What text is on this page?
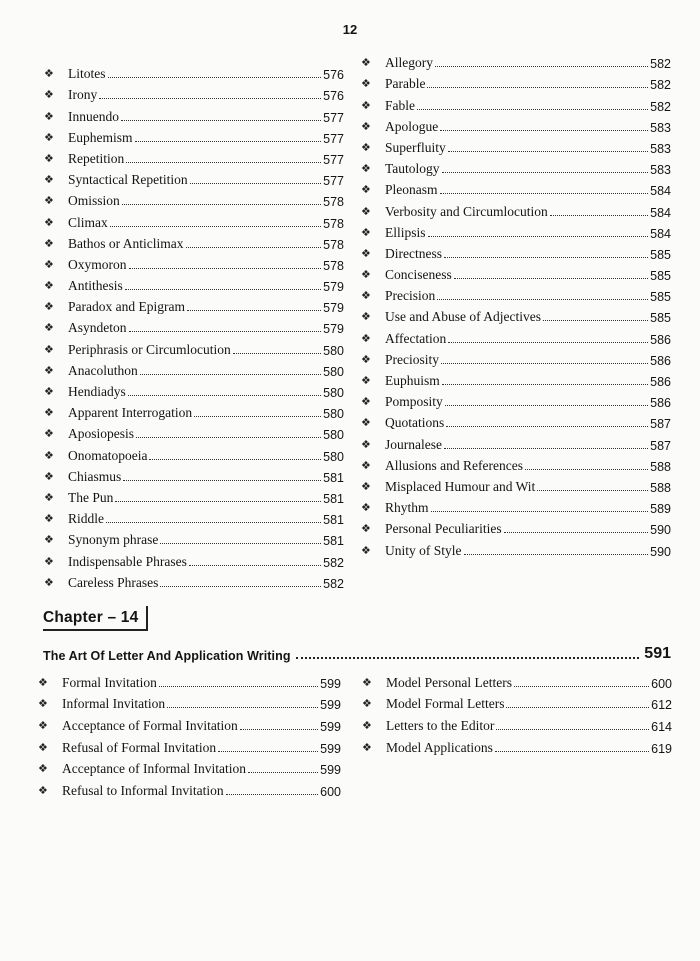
12
❖	Litotes	576
❖	Irony	576
❖	Innuendo	577
❖	Euphemism	577
❖	Repetition	577
❖	Syntactical Repetition	577
❖	Omission	578
❖	Climax	578
❖	Bathos or Anticlimax	578
❖	Oxymoron	578
❖	Antithesis	579
❖	Paradox and Epigram	579
❖	Asyndeton	579
❖	Periphrasis or Circumlocution	580
❖	Anacoluthon	580
❖	Hendiadys	580
❖	Apparent Interrogation	580
❖	Aposiopesis	580
❖	Onomatopoeia	580
❖	Chiasmus	581
❖	The Pun	581
❖	Riddle	581
❖	Synonym phrase	581
❖	Indispensable Phrases	582
❖	Careless Phrases	582
❖	Allegory	582
❖	Parable	582
❖	Fable	582
❖	Apologue	583
❖	Superfluity	583
❖	Tautology	583
❖	Pleonasm	584
❖	Verbosity and Circumlocution	584
❖	Ellipsis	584
❖	Directness	585
❖	Conciseness	585
❖	Precision	585
❖	Use and Abuse of Adjectives	585
❖	Affectation	586
❖	Preciosity	586
❖	Euphuism	586
❖	Pomposity	586
❖	Quotations	587
❖	Journalese	587
❖	Allusions and References	588
❖	Misplaced Humour and Wit	588
❖	Rhythm	589
❖	Personal Peculiarities	590
❖	Unity of Style	590
Chapter – 14
The Art Of Letter And Application Writing	591
❖	Formal Invitation	599
❖	Informal Invitation	599
❖	Acceptance of Formal Invitation	599
❖	Refusal of Formal Invitation	599
❖	Acceptance of Informal Invitation	599
❖	Refusal to Informal Invitation	600
❖	Model Personal Letters	600
❖	Model Formal Letters	612
❖	Letters to the Editor	614
❖	Model Applications	619
